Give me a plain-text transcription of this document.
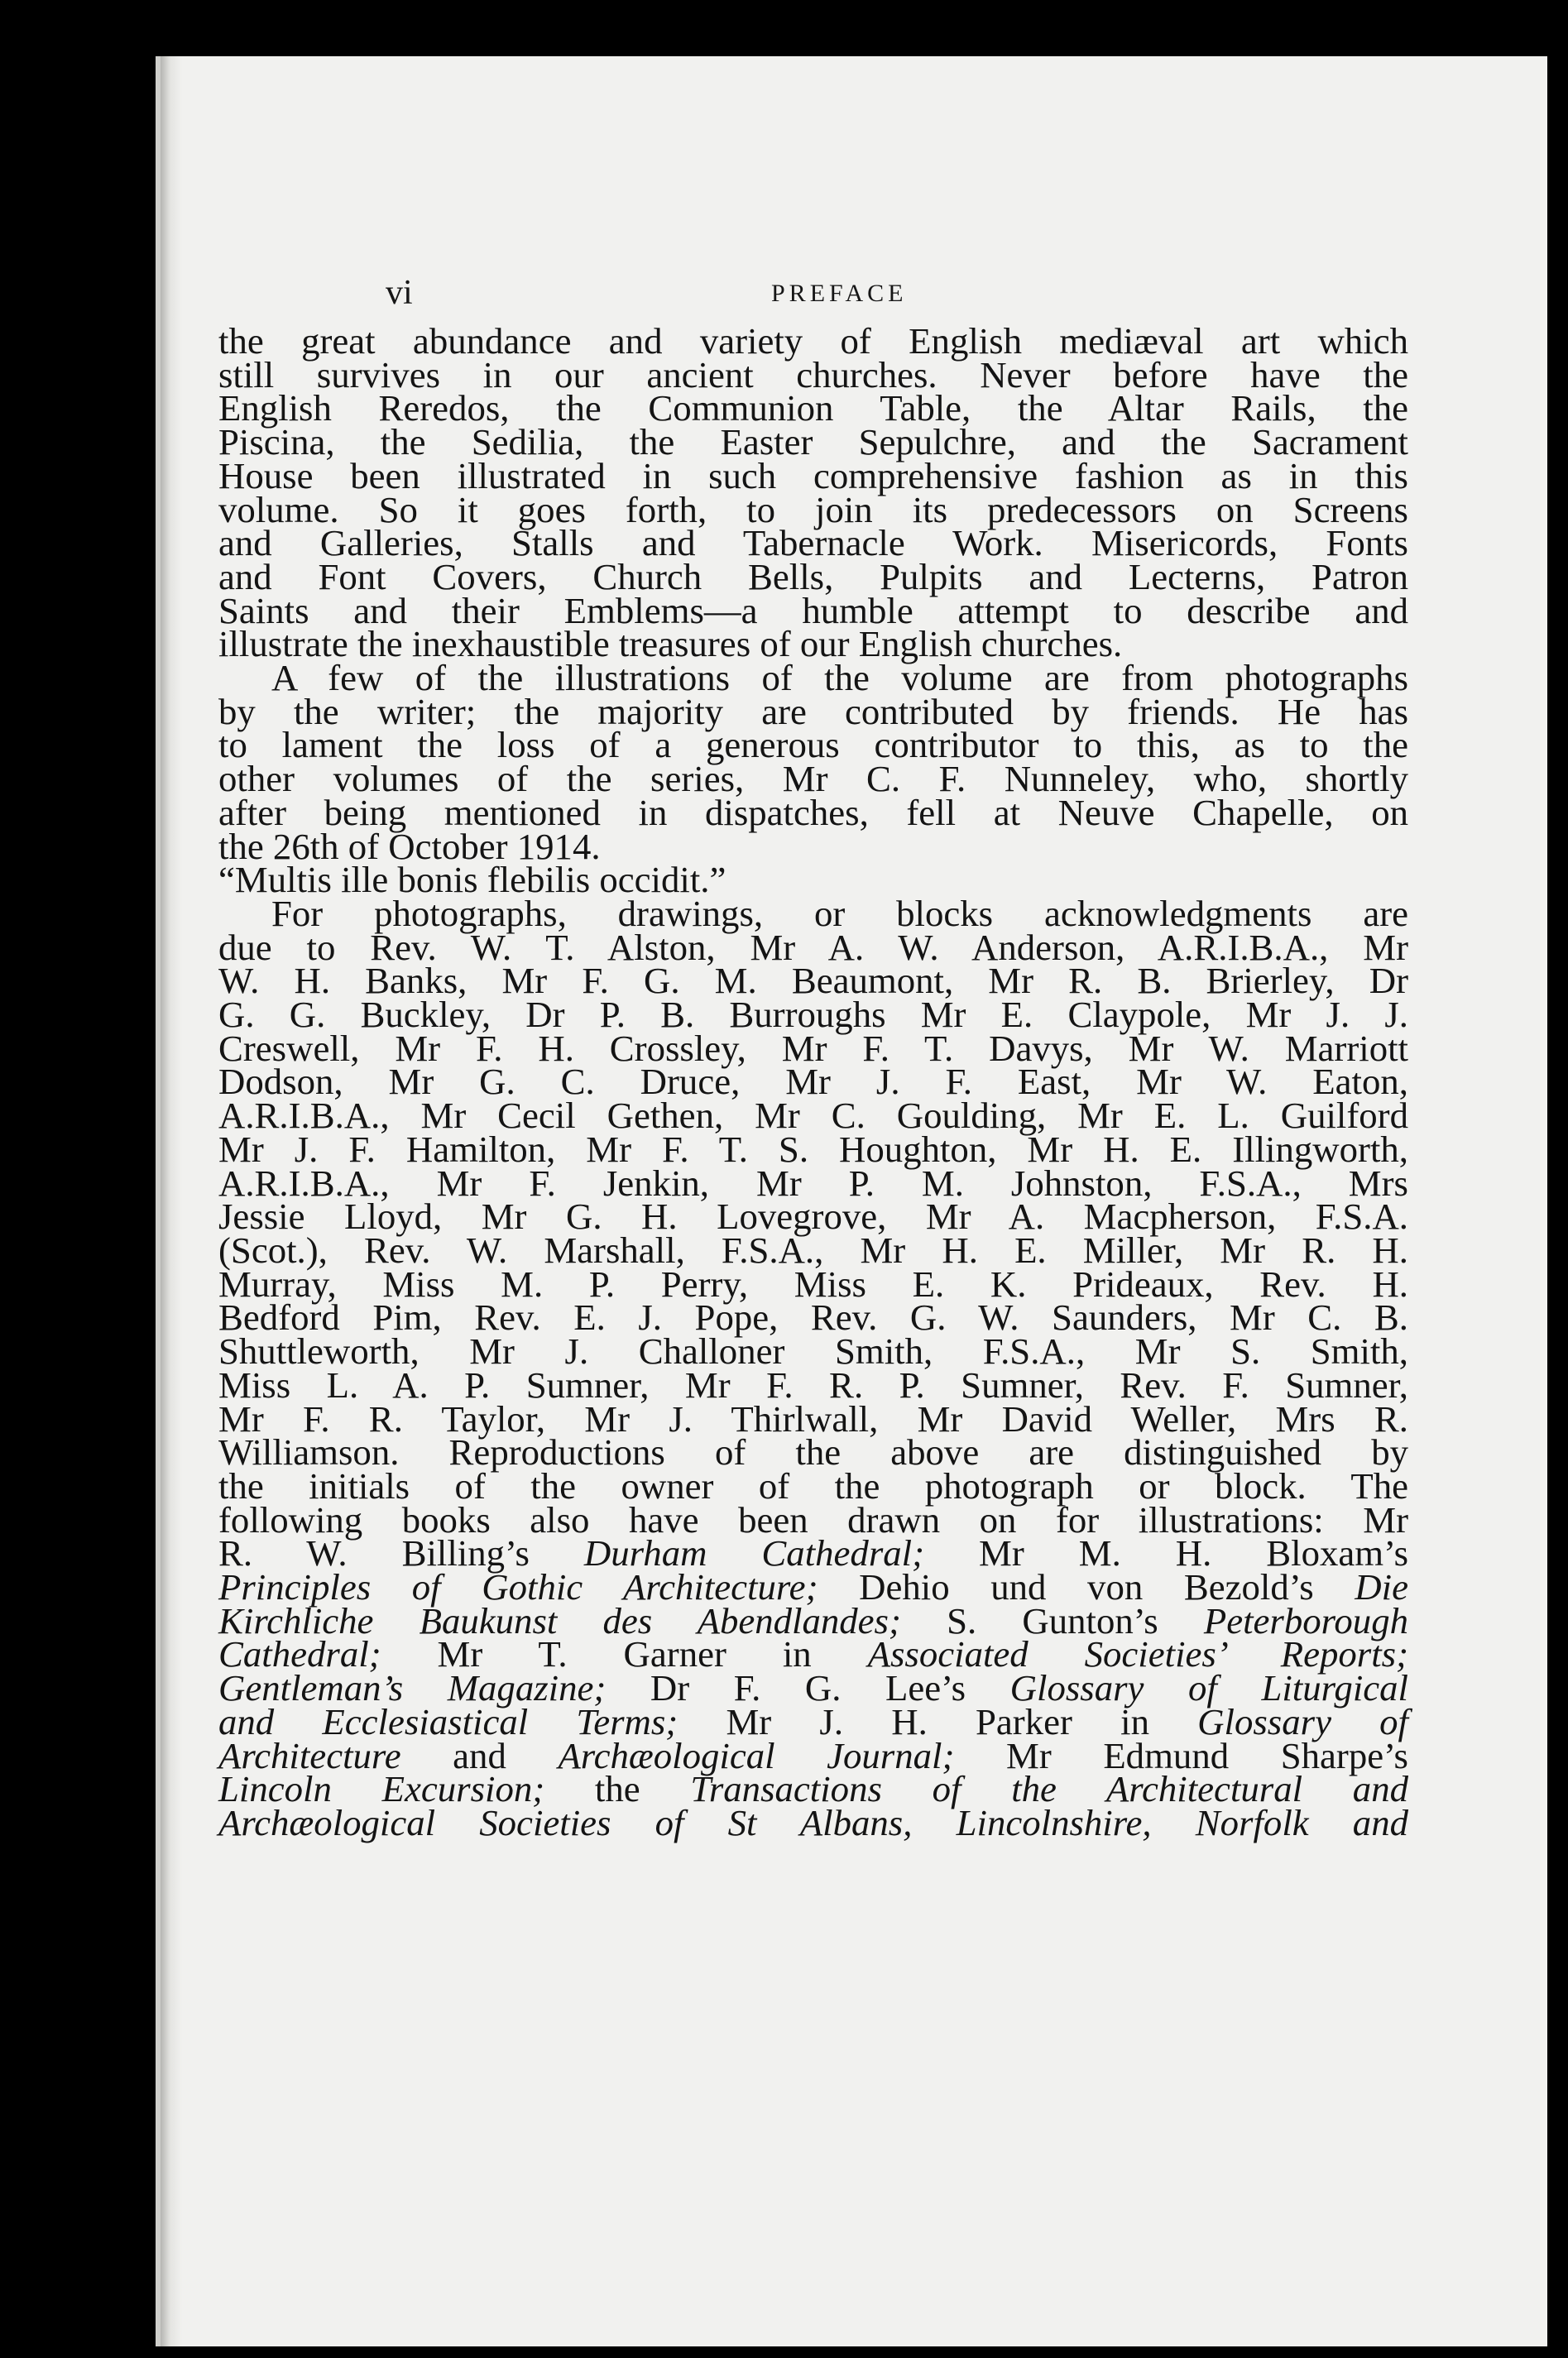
vi	PREFACE

the great abundance and variety of English mediæval art which

still survives in our ancient churches. Never before have the

English Reredos, the Communion Table, the Altar Rails, the

Piscina, the Sedilia, the Easter Sepulchre, and the Sacrament

House been illustrated in such comprehensive fashion as in this

volume. So it goes forth, to join its predecessors on Screens

and Galleries, Stalls and Tabernacle Work. Misericords, Fonts

and Font Covers, Church Bells, Pulpits and Lecterns, Patron

Saints and their Emblems—a humble attempt to describe and

illustrate the inexhaustible treasures of our English churches.

A few of the illustrations of the volume are from photographs

by the writer; the majority are contributed by friends. He has

to lament the loss of a generous contributor to this, as to the

other volumes of the series, Mr C. F. Nunneley, who, shortly

after being mentioned in dispatches, fell at Neuve Chapelle, on

the 26th of October 1914.

“Multis ille bonis flebilis occidit.”

For photographs, drawings, or blocks acknowledgments are

due to Rev. W. T. Alston, Mr A. W. Anderson, A.R.I.B.A., Mr

W. H. Banks, Mr F. G. M. Beaumont, Mr R. B. Brierley, Dr

G. G. Buckley, Dr P. B. Burroughs Mr E. Claypole, Mr J. J.

Creswell, Mr F. H. Crossley, Mr F. T. Davys, Mr W. Marriott

Dodson, Mr G. C. Druce, Mr J. F. East, Mr W. Eaton,

A.R.I.B.A., Mr Cecil Gethen, Mr C. Goulding, Mr E. L. Guilford

Mr J. F. Hamilton, Mr F. T. S. Houghton, Mr H. E. Illingworth,

A.R.I.B.A., Mr F. Jenkin, Mr P. M. Johnston, F.S.A., Mrs

Jessie Lloyd, Mr G. H. Lovegrove, Mr A. Macpherson, F.S.A.

(Scot.), Rev. W. Marshall, F.S.A., Mr H. E. Miller, Mr R. H.

Murray, Miss M. P. Perry, Miss E. K. Prideaux, Rev. H.

Bedford Pim, Rev. E. J. Pope, Rev. G. W. Saunders, Mr C. B.

Shuttleworth, Mr J. Challoner Smith, F.S.A., Mr S. Smith,

Miss L. A. P. Sumner, Mr F. R. P. Sumner, Rev. F. Sumner,

Mr F. R. Taylor, Mr J. Thirlwall, Mr David Weller, Mrs R.

Williamson. Reproductions of the above are distinguished by

the initials of the owner of the photograph or block. The

following books also have been drawn on for illustrations: Mr

R. W. Billing’s Durham Cathedral; Mr M. H. Bloxam’s

Principles of Gothic Architecture; Dehio und von Bezold’s Die

Kirchliche Baukunst des Abendlandes; S. Gunton’s Peterborough

Cathedral; Mr T. Garner in Associated Societies’ Reports;

Gentleman’s Magazine; Dr F. G. Lee’s Glossary of Liturgical

and Ecclesiastical Terms; Mr J. H. Parker in Glossary of

Architecture and Archæological Journal; Mr Edmund Sharpe’s

Lincoln Excursion; the Transactions of the Architectural and

Archæological Societies of St Albans, Lincolnshire, Norfolk and
